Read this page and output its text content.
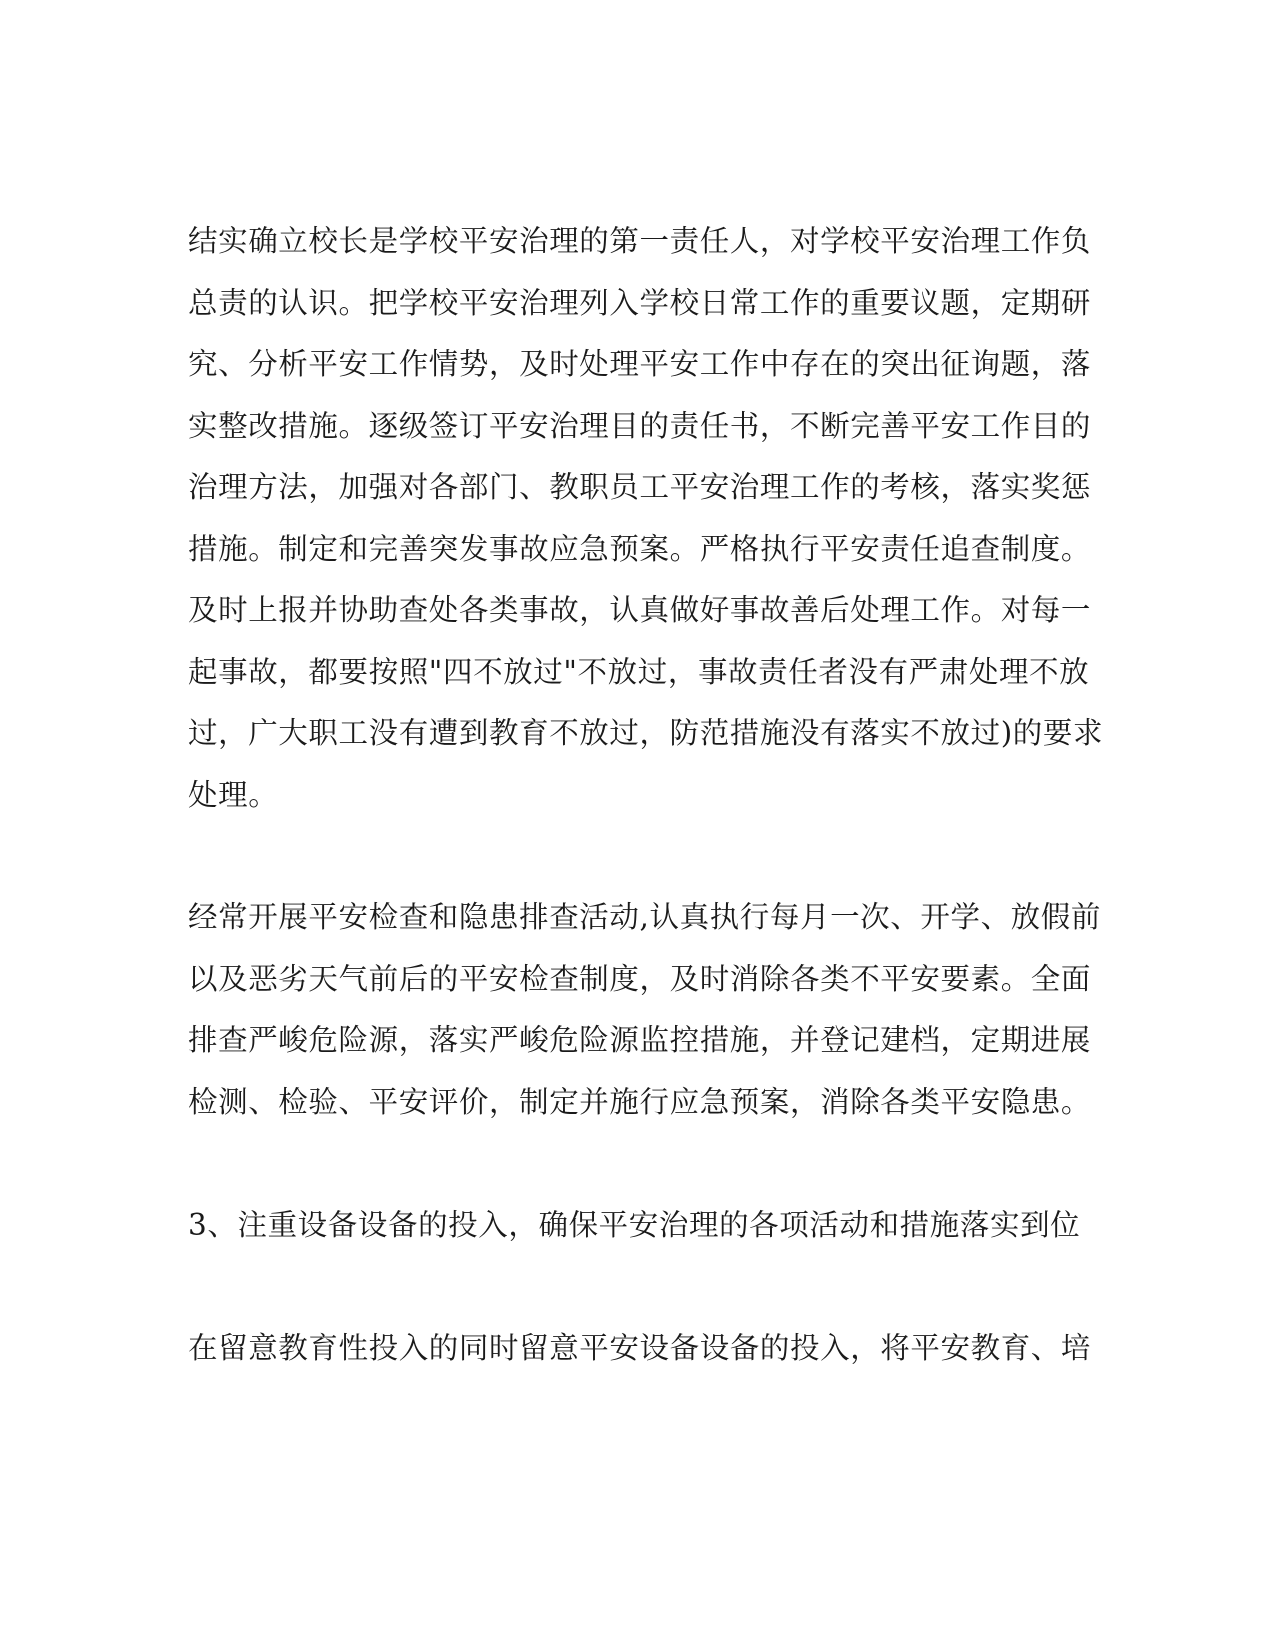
结实确立校长是学校平安治理的第一责任人，对学校平安治理工作负
总责的认识。把学校平安治理列入学校日常工作的重要议题，定期研
究、分析平安工作情势，及时处理平安工作中存在的突出征询题，落
实整改措施。逐级签订平安治理目的责任书，不断完善平安工作目的
治理方法，加强对各部门、教职员工平安治理工作的考核，落实奖惩
措施。制定和完善突发事故应急预案。严格执行平安责任追查制度。
及时上报并协助查处各类事故，认真做好事故善后处理工作。对每一
起事故，都要按照"四不放过"不放过，事故责任者没有严肃处理不放
过，广大职工没有遭到教育不放过，防范措施没有落实不放过)的要求
处理。
经常开展平安检查和隐患排查活动,认真执行每月一次、开学、放假前
以及恶劣天气前后的平安检查制度，及时消除各类不平安要素。全面
排查严峻危险源，落实严峻危险源监控措施，并登记建档，定期进展
检测、检验、平安评价，制定并施行应急预案，消除各类平安隐患。
3、注重设备设备的投入，确保平安治理的各项活动和措施落实到位
在留意教育性投入的同时留意平安设备设备的投入，将平安教育、培
